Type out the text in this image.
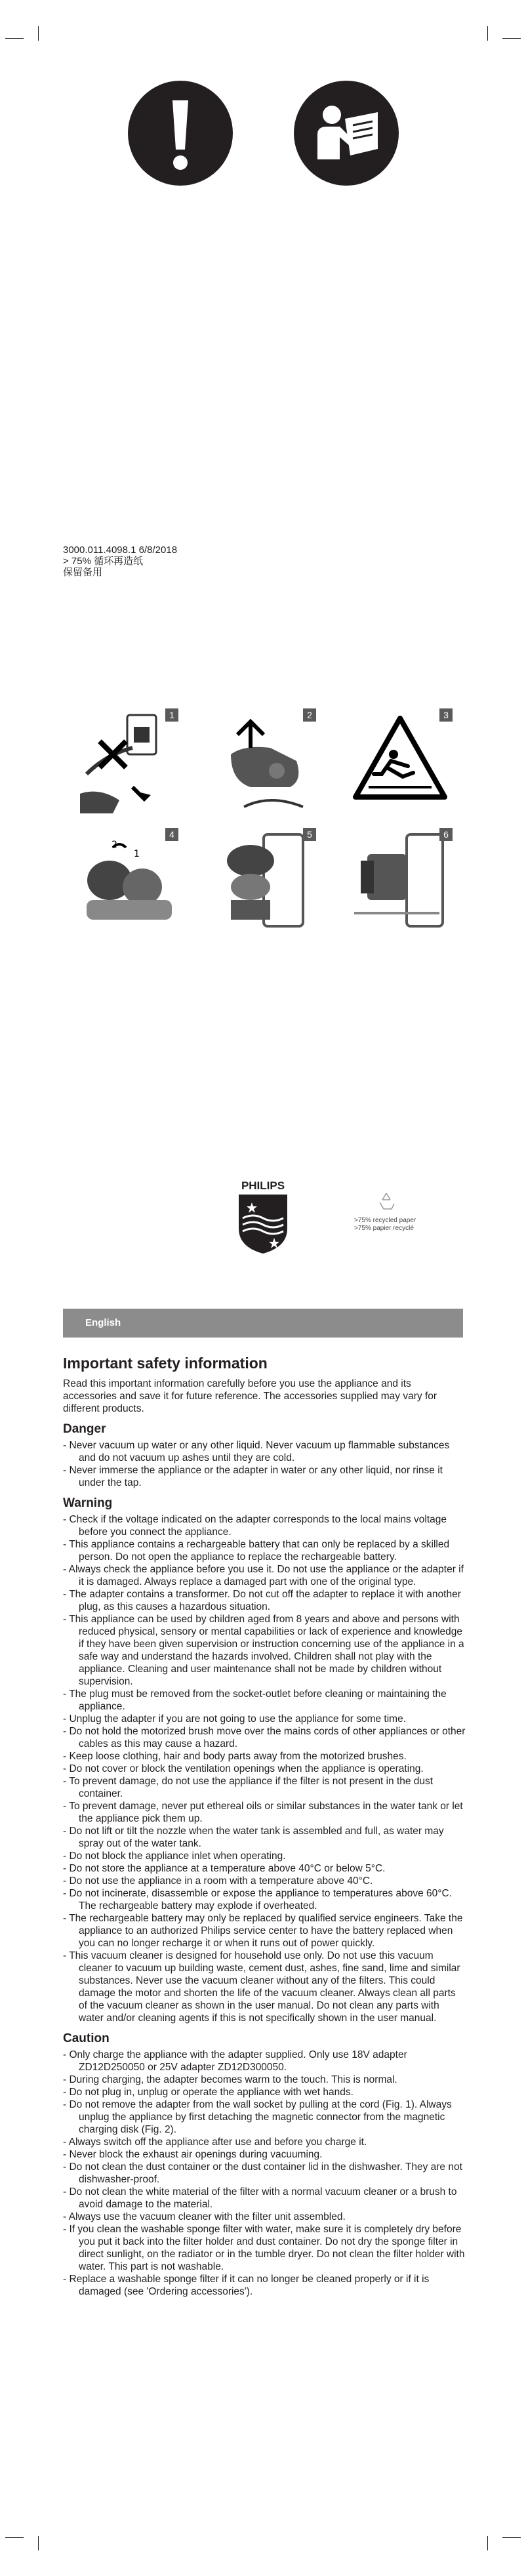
3000.011.4098.1 6/8/2018
> 75% 循环再造纸
保留备用
1	2	3
2
1
4	5	6
PHILIPS
>75% recycled paper
>75% papier recyclé
English
Important safety information

Read this important information carefully before you use the appliance and its accessories and save it for future reference. The accessories supplied may vary for different products.

Danger
- Never vacuum up water or any other liquid. Never vacuum up flammable substances and do not vacuum up ashes until they are cold.
- Never immerse the appliance or the adapter in water or any other liquid, nor rinse it under the tap.
Warning
- Check if the voltage indicated on the adapter corresponds to the local mains voltage before you connect the appliance.
- This appliance contains a rechargeable battery that can only be replaced by a skilled person. Do not open the appliance to replace the rechargeable battery.
- Always check the appliance before you use it. Do not use the appliance or the adapter if it is damaged. Always replace a damaged part with one of the original type.
- The adapter contains a transformer. Do not cut off the adapter to replace it with another plug, as this causes a hazardous situation.
- This appliance can be used by children aged from 8 years and above and persons with reduced physical, sensory or mental capabilities or lack of experience and knowledge if they have been given supervision or instruction concerning use of the appliance in a safe way and understand the hazards involved. Children shall not play with the appliance. Cleaning and user maintenance shall not be made by children without supervision.
- The plug must be removed from the socket-outlet before cleaning or maintaining the appliance.
- Unplug the adapter if you are not going to use the appliance for some time.
- Do not hold the motorized brush move over the mains cords of other appliances or other cables as this may cause a hazard.
- Keep loose clothing, hair and body parts away from the motorized brushes.
- Do not cover or block the ventilation openings when the appliance is operating.
- To prevent damage, do not use the appliance if the filter is not present in the dust container.
- To prevent damage, never put ethereal oils or similar substances in the water tank or let the appliance pick them up.
- Do not lift or tilt the nozzle when the water tank is assembled and full, as water may spray out of the water tank.
- Do not block the appliance inlet when operating.
- Do not store the appliance at a temperature above 40°C or below 5°C.
- Do not use the appliance in a room with a temperature above 40°C.
- Do not incinerate, disassemble or expose the appliance to temperatures above 60°C. The rechargeable battery may explode if overheated.
- The rechargeable battery may only be replaced by qualified service engineers. Take the appliance to an authorized Philips service center to have the battery replaced when you can no longer recharge it or when it runs out of power quickly.
- This vacuum cleaner is designed for household use only. Do not use this vacuum cleaner to vacuum up building waste, cement dust, ashes, fine sand, lime and similar substances. Never use the vacuum cleaner without any of the filters. This could damage the motor and shorten the life of the vacuum cleaner. Always clean all parts of the vacuum cleaner as shown in the user manual. Do not clean any parts with water and/or cleaning agents if this is not specifically shown in the user manual.
Caution
- Only charge the appliance with the adapter supplied. Only use 18V adapter ZD12D250050 or 25V adapter ZD12D300050.
- During charging, the adapter becomes warm to the touch. This is normal.
- Do not plug in, unplug or operate the appliance with wet hands.
- Do not remove the adapter from the wall socket by pulling at the cord (Fig. 1). Always unplug the appliance by first detaching the magnetic connector from the magnetic charging disk (Fig. 2).
- Always switch off the appliance after use and before you charge it.
- Never block the exhaust air openings during vacuuming.
- Do not clean the dust container or the dust container lid in the dishwasher. They are not dishwasher-proof.
- Do not clean the white material of the filter with a normal vacuum cleaner or a brush to avoid damage to the material.
- Always use the vacuum cleaner with the filter unit assembled.
- If you clean the washable sponge filter with water, make sure it is completely dry before you put it back into the filter holder and dust container. Do not dry the sponge filter in direct sunlight, on the radiator or in the tumble dryer. Do not clean the filter holder with water. This part is not washable.
- Replace a washable sponge filter if it can no longer be cleaned properly or if it is damaged (see 'Ordering accessories').
